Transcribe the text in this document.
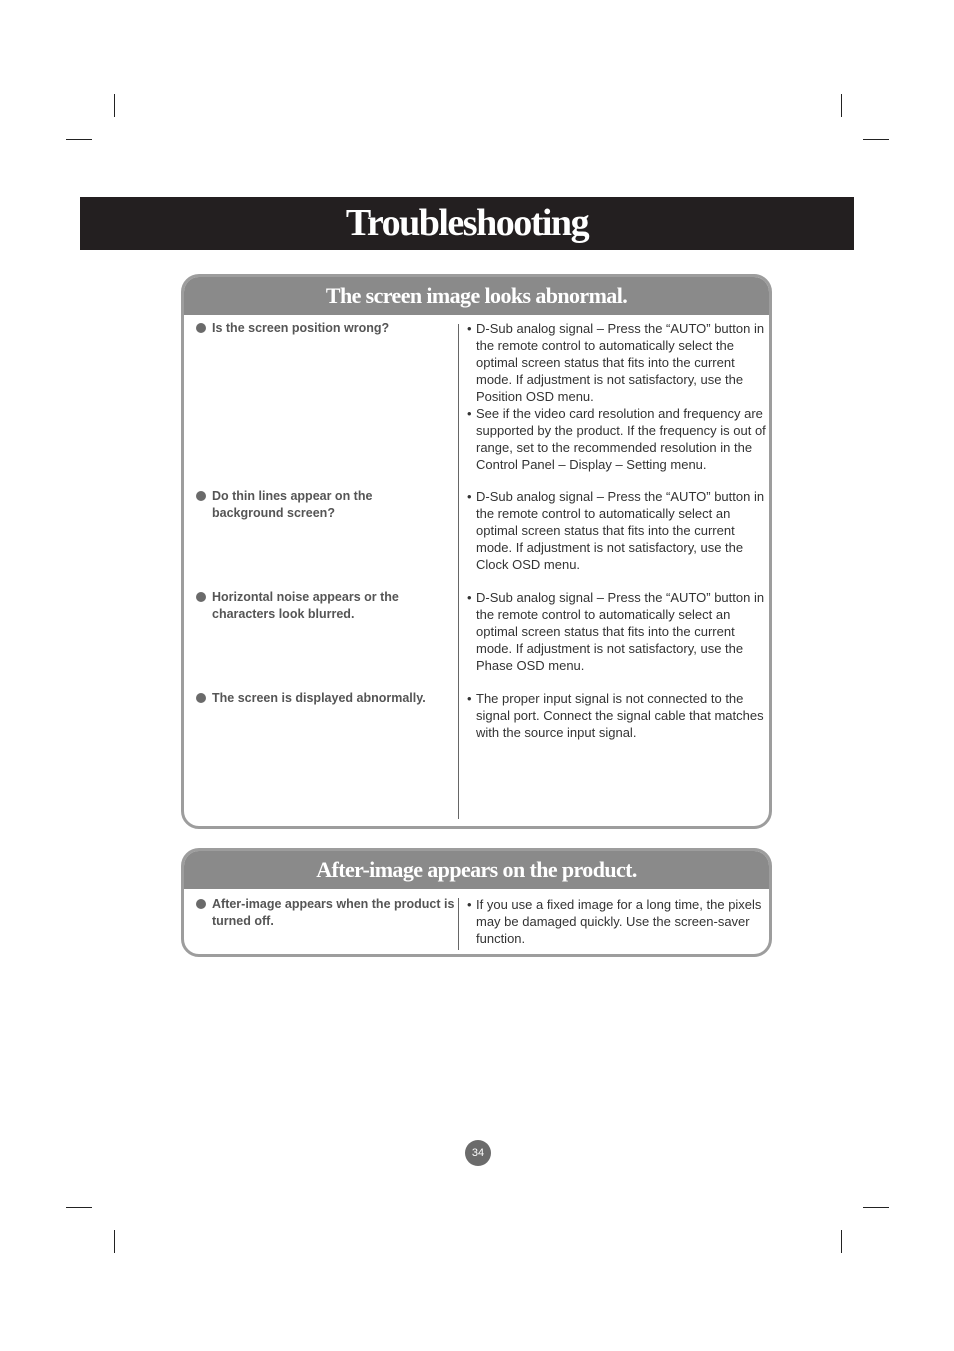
Troubleshooting
The screen image looks abnormal.
Is the screen position wrong?	• D-Sub analog signal – Press the “AUTO” button in the remote control to automatically select the optimal screen status that fits into the current mode. If adjustment is not satisfactory, use the Position OSD menu.
• See if the video card resolution and frequency are supported by the product. If the frequency is out of range, set to the recommended resolution in the Control Panel – Display – Setting menu.
Do thin lines appear on the background screen?
• D-Sub analog signal – Press the “AUTO” button in the remote control to automatically select an optimal screen status that fits into the current mode. If adjustment is not satisfactory, use the Clock OSD menu.
Horizontal noise appears or the characters look blurred.
• D-Sub analog signal – Press the “AUTO” button in the remote control to automatically select an optimal screen status that fits into the current mode. If adjustment is not satisfactory, use the Phase OSD menu.
The screen is displayed abnormally.	• The proper input signal is not connected to the signal port. Connect the signal cable that matches with the source input signal.
After-image appears on the product.
After-image appears when the product is turned off.
• If you use a fixed image for a long time, the pixels may be damaged quickly. Use the screen-saver function.
34
